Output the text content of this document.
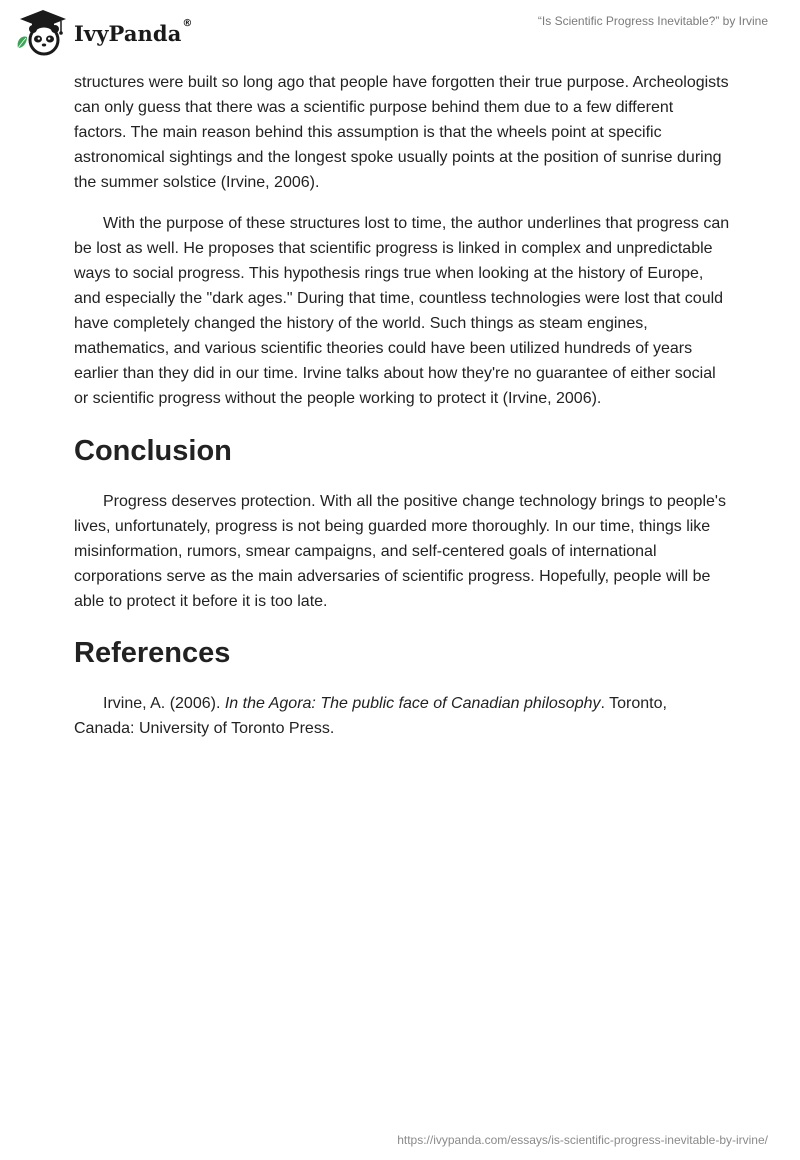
IvyPanda®	“Is Scientific Progress Inevitable?” by Irvine

structures were built so long ago that people have forgotten their true purpose. Archeologists can only guess that there was a scientific purpose behind them due to a few different factors. The main reason behind this assumption is that the wheels point at specific astronomical sightings and the longest spoke usually points at the position of sunrise during the summer solstice (Irvine, 2006).

With the purpose of these structures lost to time, the author underlines that progress can be lost as well. He proposes that scientific progress is linked in complex and unpredictable ways to social progress. This hypothesis rings true when looking at the history of Europe, and especially the "dark ages." During that time, countless technologies were lost that could have completely changed the history of the world. Such things as steam engines, mathematics, and various scientific theories could have been utilized hundreds of years earlier than they did in our time. Irvine talks about how they're no guarantee of either social or scientific progress without the people working to protect it (Irvine, 2006).

Conclusion

Progress deserves protection. With all the positive change technology brings to people's lives, unfortunately, progress is not being guarded more thoroughly. In our time, things like misinformation, rumors, smear campaigns, and self-centered goals of international corporations serve as the main adversaries of scientific progress. Hopefully, people will be able to protect it before it is too late.

References

Irvine, A. (2006). In the Agora: The public face of Canadian philosophy. Toronto, Canada: University of Toronto Press.

https://ivypanda.com/essays/is-scientific-progress-inevitable-by-irvine/
